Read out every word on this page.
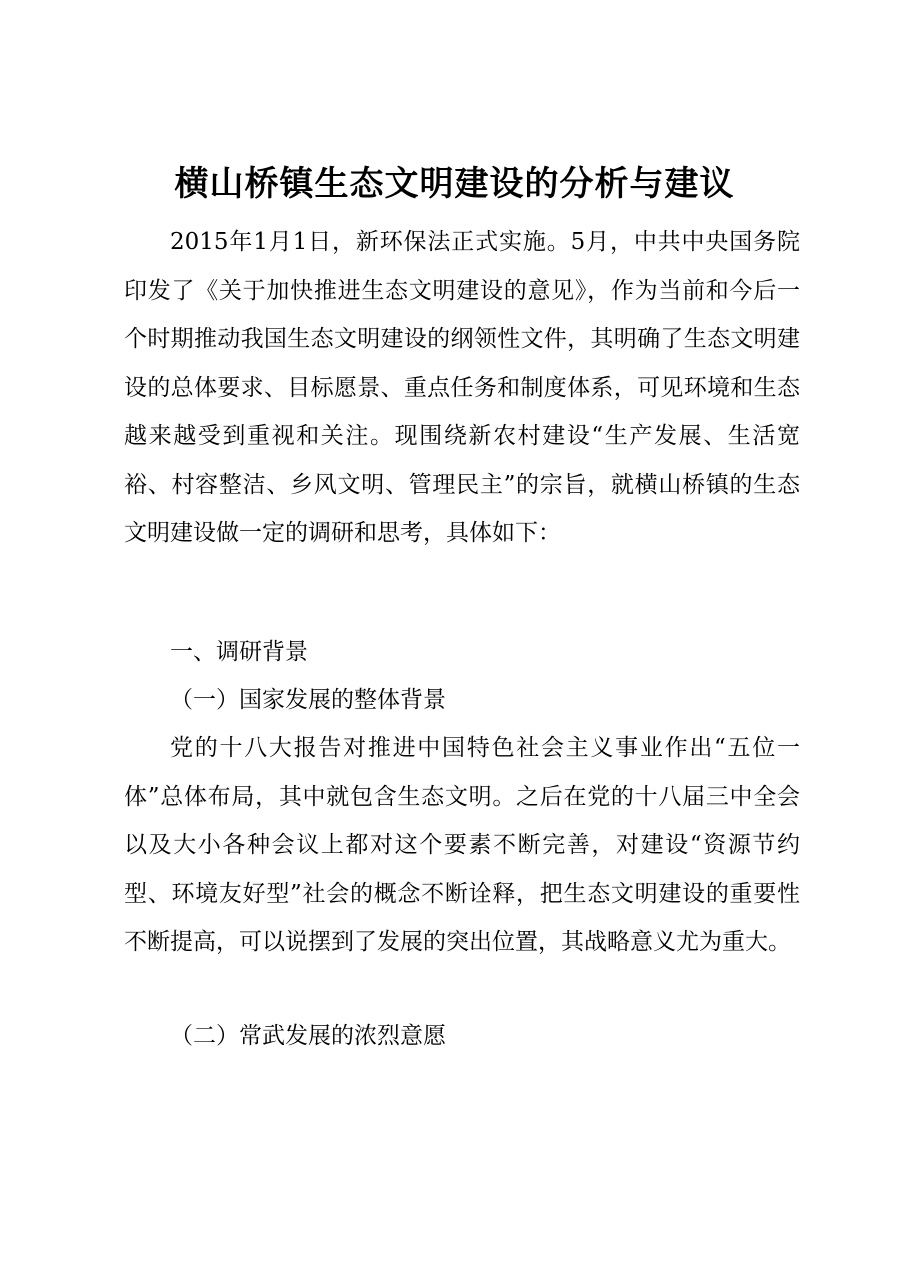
横山桥镇生态文明建设的分析与建议

2015年1月1日，新环保法正式实施。5月，中共中央国务院印发了《关于加快推进生态文明建设的意见》，作为当前和今后一个时期推动我国生态文明建设的纲领性文件，其明确了生态文明建设的总体要求、目标愿景、重点任务和制度体系，可见环境和生态越来越受到重视和关注。现围绕新农村建设“生产发展、生活宽裕、村容整洁、乡风文明、管理民主”的宗旨，就横山桥镇的生态文明建设做一定的调研和思考，具体如下：

一、调研背景

（一）国家发展的整体背景

党的十八大报告对推进中国特色社会主义事业作出“五位一体”总体布局，其中就包含生态文明。之后在党的十八届三中全会以及大小各种会议上都对这个要素不断完善，对建设“资源节约型、环境友好型”社会的概念不断诠释，把生态文明建设的重要性不断提高，可以说摆到了发展的突出位置，其战略意义尤为重大。

（二）常武发展的浓烈意愿
